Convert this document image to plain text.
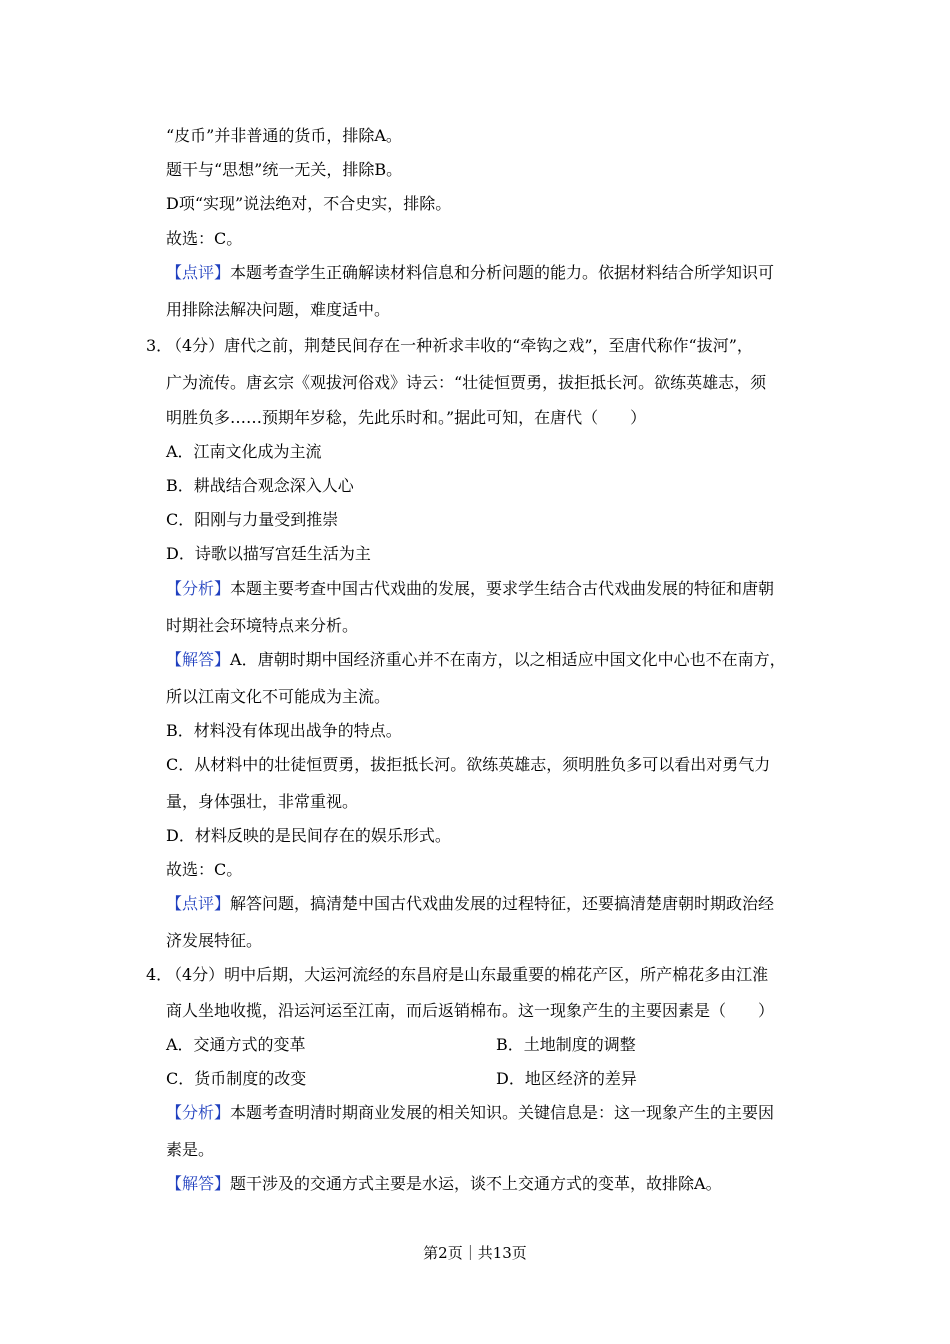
“皮币”并非普通的货币，排除A。
题干与“思想”统一无关，排除B。
D项“实现”说法绝对，不合史实，排除。
故选：C。
【点评】本题考查学生正确解读材料信息和分析问题的能力。依据材料结合所学知识可
用排除法解决问题，难度适中。
3．
（4分）唐代之前，荆楚民间存在一种祈求丰收的“牵钩之戏”，至唐代称作“拔河”，
广为流传。唐玄宗《观拔河俗戏》诗云：“壮徒恒贾勇，拔拒抵长河。欲练英雄志，须
明胜负多……预期年岁稔，先此乐时和。”据此可知，在唐代（　　）
A．江南文化成为主流
B．耕战结合观念深入人心
C．阳刚与力量受到推崇
D．诗歌以描写宫廷生活为主
【分析】本题主要考查中国古代戏曲的发展，要求学生结合古代戏曲发展的特征和唐朝
时期社会环境特点来分析。
【解答】A．唐朝时期中国经济重心并不在南方，以之相适应中国文化中心也不在南方，
所以江南文化不可能成为主流。
B．材料没有体现出战争的特点。
C．从材料中的壮徒恒贾勇，拔拒抵长河。欲练英雄志，须明胜负多可以看出对勇气力
量，身体强壮，非常重视。
D．材料反映的是民间存在的娱乐形式。
故选：C。
【点评】解答问题，搞清楚中国古代戏曲发展的过程特征，还要搞清楚唐朝时期政治经
济发展特征。
4．
（4分）明中后期，大运河流经的东昌府是山东最重要的棉花产区，所产棉花多由江淮
商人坐地收揽，沿运河运至江南，而后返销棉布。这一现象产生的主要因素是（　　）
A．交通方式的变革	B．土地制度的调整
C．货币制度的改变	D．地区经济的差异
【分析】本题考查明清时期商业发展的相关知识。关键信息是：这一现象产生的主要因
素是。
【解答】题干涉及的交通方式主要是水运，谈不上交通方式的变革，故排除A。
第2页｜共13页
